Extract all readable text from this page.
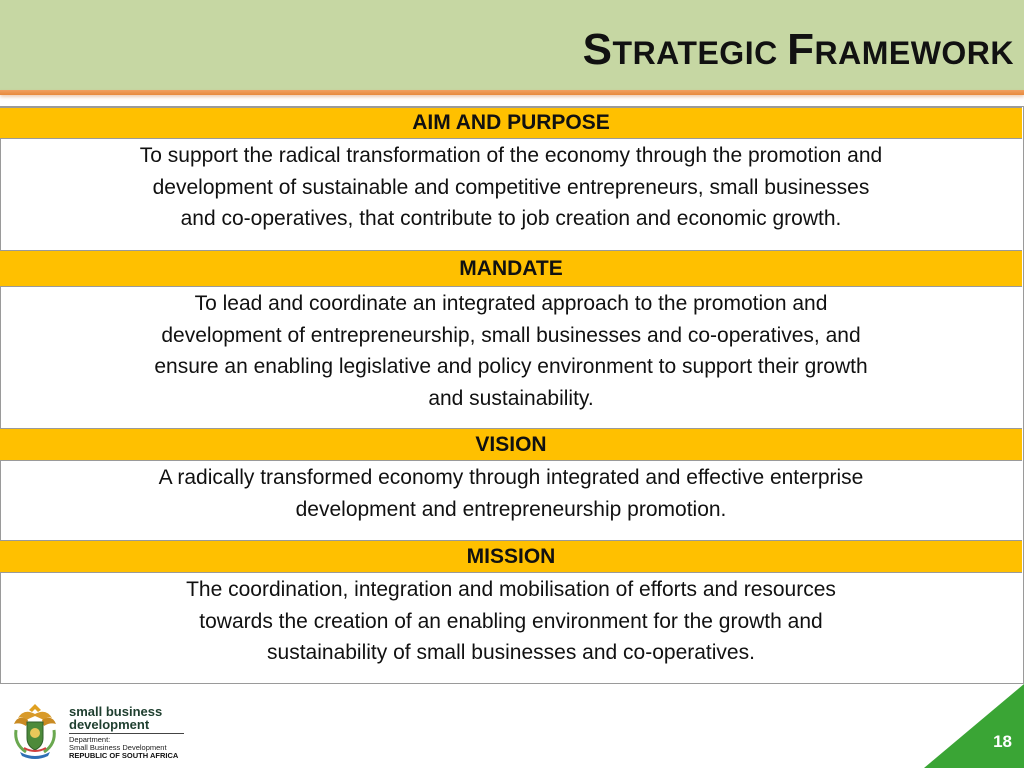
STRATEGIC FRAMEWORK
AIM AND PURPOSE
To support the radical transformation of the economy through the promotion and
development of sustainable and competitive entrepreneurs, small businesses
and co-operatives, that contribute to job creation and economic growth.
MANDATE
To lead and coordinate an integrated approach to the promotion and
development of entrepreneurship, small businesses and co-operatives, and
ensure an enabling legislative and policy environment to support their growth
and sustainability.
VISION
A radically transformed economy through integrated and effective enterprise
development and entrepreneurship promotion.
MISSION
The coordination, integration and mobilisation of efforts and resources
towards the creation of an enabling environment for the growth and
sustainability of small businesses and co-operatives.
small business
development
Department:
Small Business Development
REPUBLIC OF SOUTH AFRICA
18
